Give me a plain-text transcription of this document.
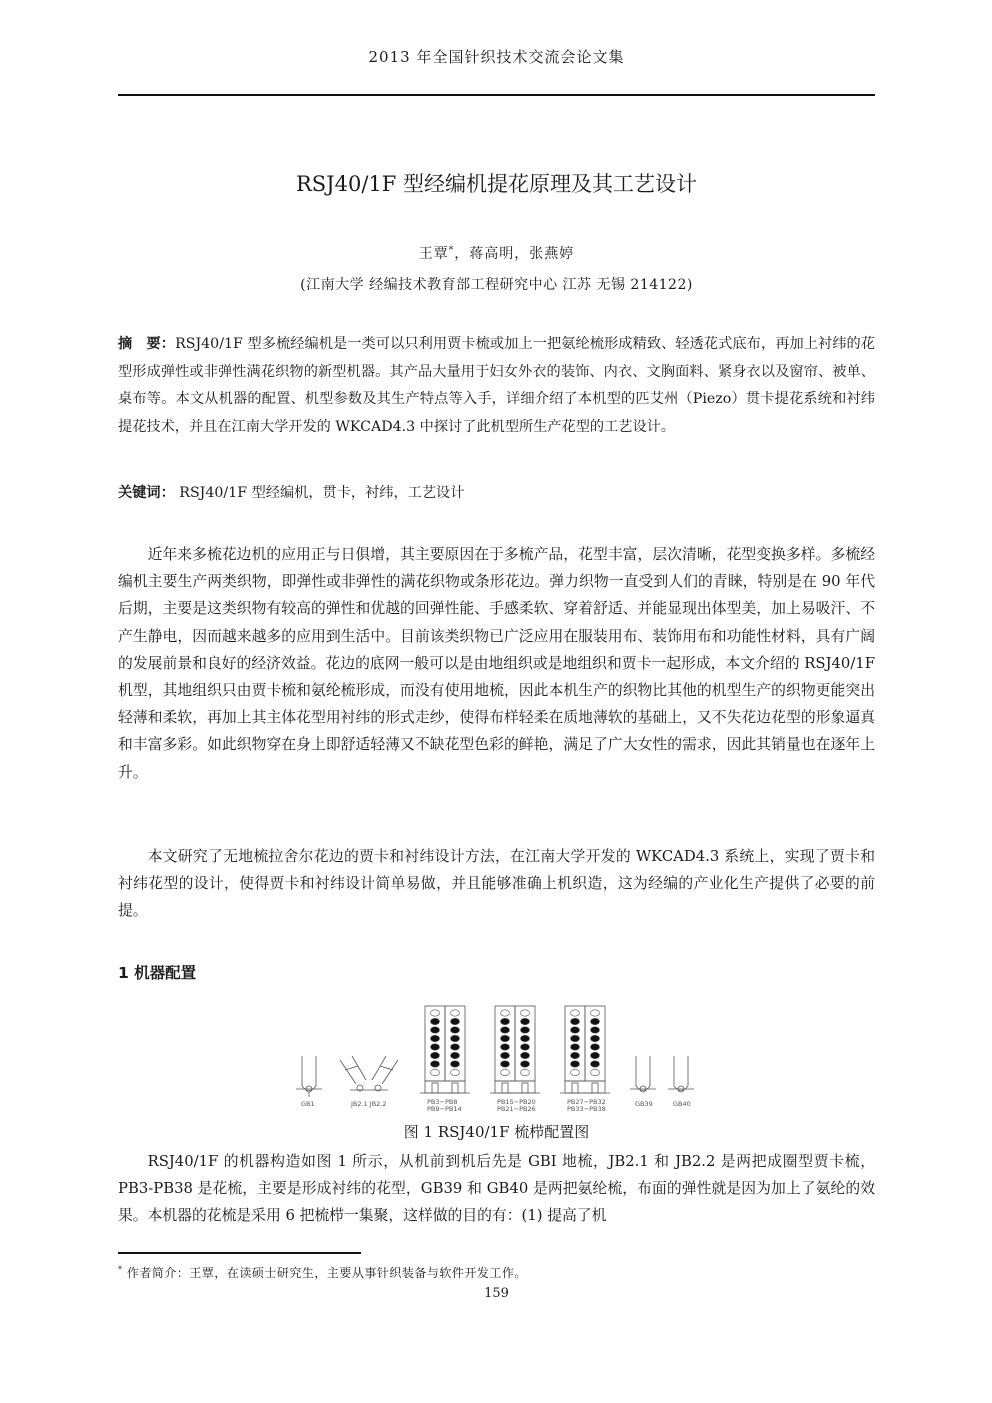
2013 年全国针织技术交流会论文集
RSJ40/1F 型经编机提花原理及其工艺设计
王覃*，蒋高明，张燕婷
(江南大学 经编技术教育部工程研究中心 江苏 无锡 214122)
摘　要：RSJ40/1F 型多梳经编机是一类可以只利用贾卡梳或加上一把氨纶梳形成精致、轻透花式底布，再加上衬纬的花型形成弹性或非弹性满花织物的新型机器。其产品大量用于妇女外衣的装饰、内衣、文胸面料、紧身衣以及窗帘、被单、桌布等。本文从机器的配置、机型参数及其生产特点等入手，详细介绍了本机型的匹艾州（Piezo）贯卡提花系统和衬纬提花技术，并且在江南大学开发的 WKCAD4.3 中探讨了此机型所生产花型的工艺设计。
关键词： RSJ40/1F 型经编机，贯卡，衬纬，工艺设计

近年来多梳花边机的应用正与日俱增，其主要原因在于多梳产品，花型丰富，层次清晰，花型变换多样。多梳经编机主要生产两类织物，即弹性或非弹性的满花织物或条形花边。弹力织物一直受到人们的青睐，特别是在 90 年代后期，主要是这类织物有较高的弹性和优越的回弹性能、手感柔软、穿着舒适、并能显现出体型美，加上易吸汗、不产生静电，因而越来越多的应用到生活中。目前该类织物已广泛应用在服装用布、装饰用布和功能性材料，具有广阔的发展前景和良好的经济效益。花边的底网一般可以是由地组织或是地组织和贾卡一起形成，本文介绍的 RSJ40/1F 机型，其地组织只由贾卡梳和氨纶梳形成，而没有使用地梳，因此本机生产的织物比其他的机型生产的织物更能突出轻薄和柔软，再加上其主体花型用衬纬的形式走纱，使得布样轻柔在质地薄软的基础上，又不失花边花型的形象逼真和丰富多彩。如此织物穿在身上即舒适轻薄又不缺花型色彩的鲜艳，满足了广大女性的需求，因此其销量也在逐年上升。

本文研究了无地梳拉舍尔花边的贾卡和衬纬设计方法，在江南大学开发的 WKCAD4.3 系统上，实现了贾卡和衬纬花型的设计，使得贾卡和衬纬设计简单易做，并且能够准确上机织造，这为经编的产业化生产提供了必要的前提。

1 机器配置
GB1	JB2.1 JB2.2	PB3−PB8
PB9−PB14
PB15−PB20
PB21−PB26
PB27−PB32
PB33−PB38
GB39	GB40
图 1 RSJ40/1F 梳栉配置图

RSJ40/1F 的机器构造如图 1 所示，从机前到机后先是 GBI 地梳，JB2.1 和 JB2.2 是两把成圈型贾卡梳，PB3-PB38 是花梳，主要是形成衬纬的花型，GB39 和 GB40 是两把氨纶梳，布面的弹性就是因为加上了氨纶的效果。本机器的花梳是采用 6 把梳栉一集聚，这样做的目的有：(1) 提高了机

* 作者简介：王覃，在读硕士研究生，主要从事针织装备与软件开发工作。
159
